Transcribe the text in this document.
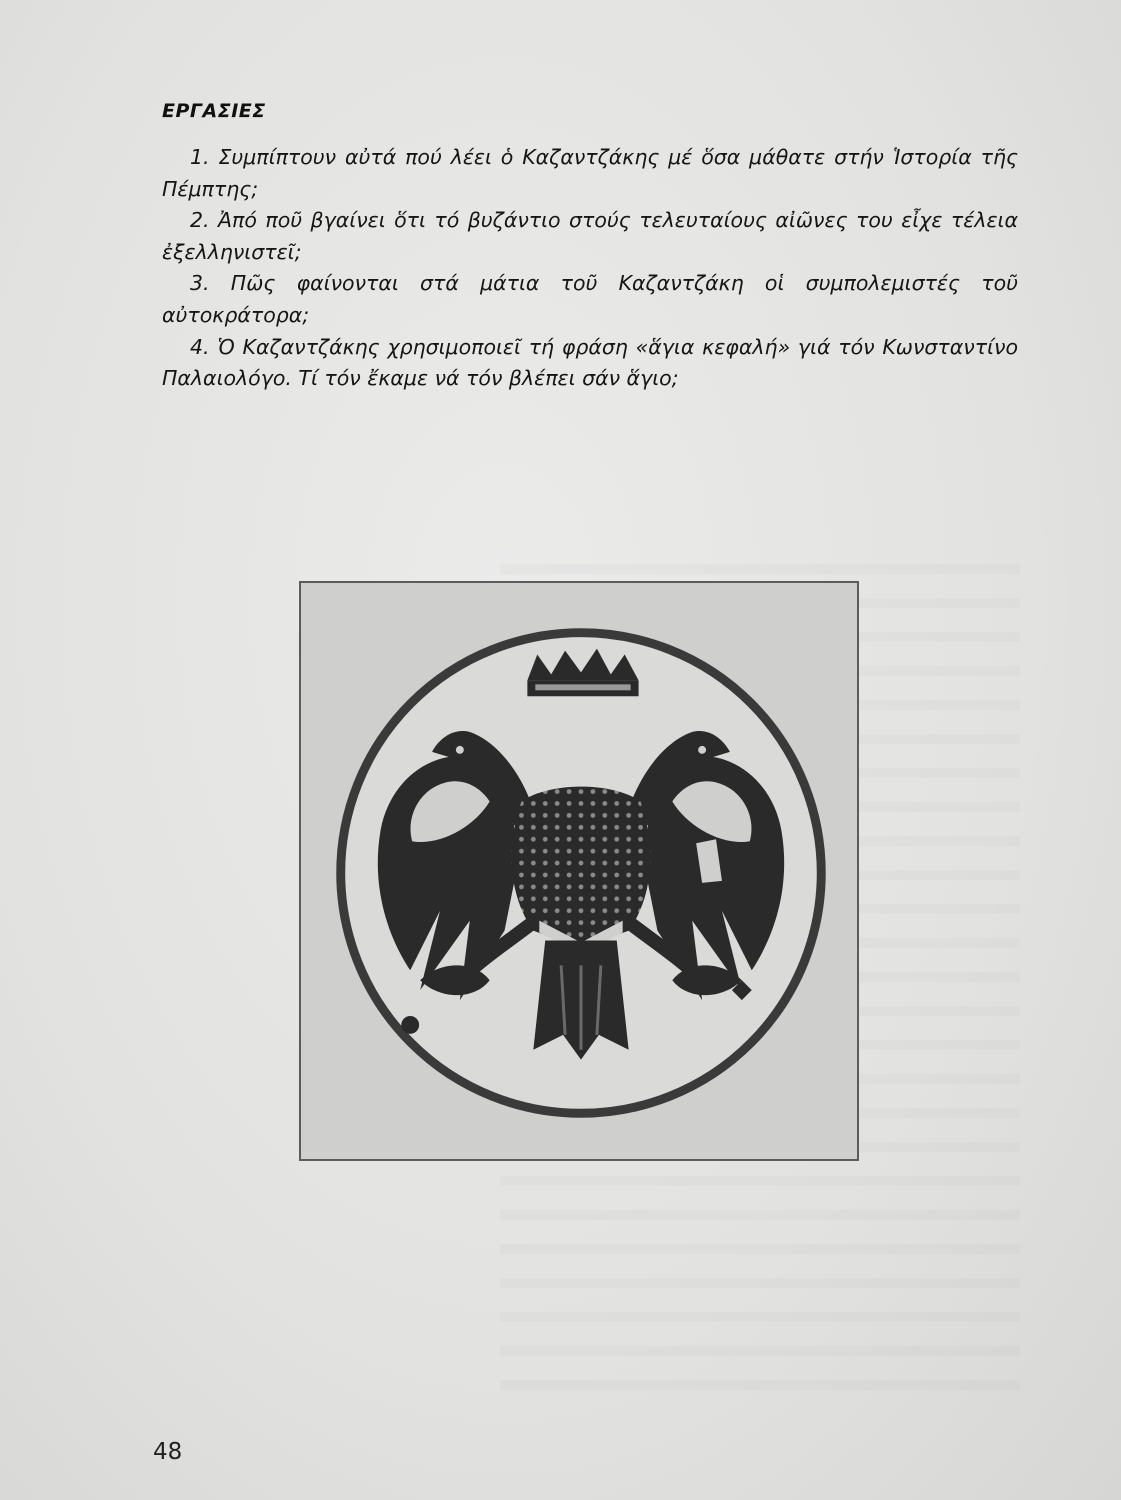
ΕΡΓΑΣΙΕΣ

1. Συμπίπτουν αὐτά πού λέει ὁ Καζαντζάκης μέ ὅσα μάθατε στήν Ἱστορία τῆς Πέμπτης;

2. Ἀπό ποῦ βγαίνει ὅτι τό βυζάντιο στούς τελευταίους αἰῶνες του εἶχε τέλεια ἐξελληνιστεῖ;

3. Πῶς φαίνονται στά μάτια τοῦ Καζαντζάκη οἱ συμπολεμιστές τοῦ αὐτοκράτορα;

4. Ὁ Καζαντζάκης χρησιμοποιεῖ τή φράση «ἅγια κεφαλή» γιά τόν Κωνσταντίνο Παλαιολόγο. Τί τόν ἔκαμε νά τόν βλέπει σάν ἅγιο;

48
